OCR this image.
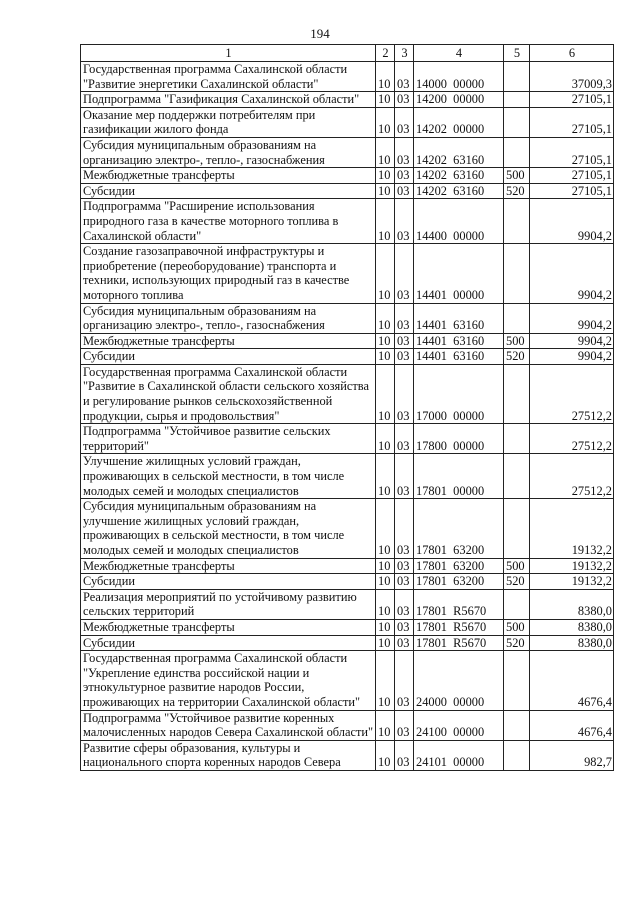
194
1	2	3	4	5	6
Государственная программа Сахалинской области "Развитие энергетики Сахалинской области"	10	03	14000  00000		37009,3
Подпрограмма "Газификация Сахалинской области"	10	03	14200  00000		27105,1
Оказание мер поддержки потребителям при газификации жилого фонда	10	03	14202  00000		27105,1
Субсидия муниципальным образованиям на организацию электро-, тепло-, газоснабжения	10	03	14202  63160		27105,1
Межбюджетные трансферты	10	03	14202  63160	500	27105,1
Субсидии	10	03	14202  63160	520	27105,1
Подпрограмма "Расширение использования природного газа в качестве моторного топлива в Сахалинской области"	10	03	14400  00000		9904,2
Создание газозаправочной инфраструктуры и приобретение (переоборудование) транспорта и техники, использующих природный газ в качестве моторного топлива	10	03	14401  00000		9904,2
Субсидия муниципальным образованиям на организацию электро-, тепло-, газоснабжения	10	03	14401  63160		9904,2
Межбюджетные трансферты	10	03	14401  63160	500	9904,2
Субсидии	10	03	14401  63160	520	9904,2
Государственная программа Сахалинской области "Развитие в Сахалинской области сельского хозяйства и регулирование рынков сельскохозяйственной продукции, сырья и продовольствия"	10	03	17000  00000		27512,2
Подпрограмма "Устойчивое развитие сельских территорий"	10	03	17800  00000		27512,2
Улучшение жилищных условий граждан, проживающих в сельской местности, в том числе молодых семей и молодых специалистов	10	03	17801  00000		27512,2
Субсидия муниципальным образованиям на улучшение жилищных условий граждан, проживающих в сельской местности, в том числе молодых семей и молодых специалистов	10	03	17801  63200		19132,2
Межбюджетные трансферты	10	03	17801  63200	500	19132,2
Субсидии	10	03	17801  63200	520	19132,2
Реализация мероприятий по устойчивому развитию сельских территорий	10	03	17801  R5670		8380,0
Межбюджетные трансферты	10	03	17801  R5670	500	8380,0
Субсидии	10	03	17801  R5670	520	8380,0
Государственная программа Сахалинской области "Укрепление единства российской нации и этнокультурное развитие народов России, проживающих на территории Сахалинской области"	10	03	24000  00000		4676,4
Подпрограмма "Устойчивое развитие коренных малочисленных народов Севера Сахалинской области"	10	03	24100  00000		4676,4
Развитие сферы образования, культуры и национального спорта коренных народов Севера	10	03	24101  00000		982,7
